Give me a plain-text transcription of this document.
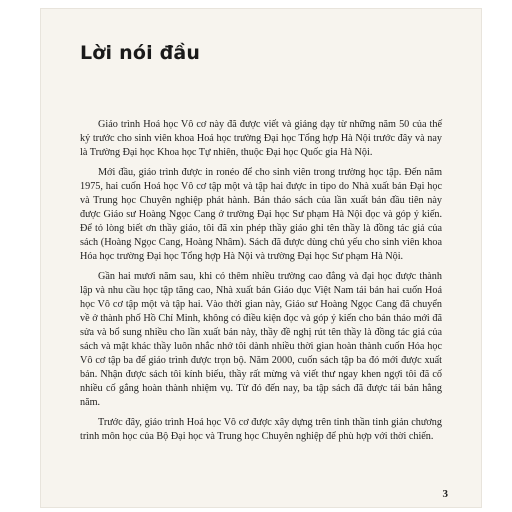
Lời nói đầu

Giáo trình Hoá học Vô cơ này đã được viết và giảng dạy từ những năm 50 của thế kỷ trước cho sinh viên khoa Hoá học trường Đại học Tổng hợp Hà Nội trước đây và nay là Trường Đại học Khoa học Tự nhiên, thuộc Đại học Quốc gia Hà Nội.

Mới đầu, giáo trình được in ronéo để cho sinh viên trong trường học tập. Đến năm 1975, hai cuốn Hoá học Vô cơ tập một và tập hai được in tipo do Nhà xuất bản Đại học và Trung học Chuyên nghiệp phát hành. Bản thảo sách của lần xuất bản đầu tiên này được Giáo sư Hoàng Ngọc Cang ở trường Đại học Sư phạm Hà Nội đọc và góp ý kiến. Để tỏ lòng biết ơn thầy giáo, tôi đã xin phép thầy giáo ghi tên thầy là đồng tác giả của sách (Hoàng Ngọc Cang, Hoàng Nhâm). Sách đã được dùng chủ yếu cho sinh viên khoa Hóa học trường Đại học Tổng hợp Hà Nội và trường Đại học Sư phạm Hà Nội.

Gần hai mươi năm sau, khi có thêm nhiều trường cao đẳng và đại học được thành lập và nhu cầu học tập tăng cao, Nhà xuất bản Giáo dục Việt Nam tái bản hai cuốn Hoá học Vô cơ tập một và tập hai. Vào thời gian này, Giáo sư Hoàng Ngọc Cang đã chuyển về ở thành phố Hồ Chí Minh, không có điều kiện đọc và góp ý kiến cho bản thảo mới đã sửa và bổ sung nhiều cho lần xuất bản này, thầy đề nghị rút tên thầy là đồng tác giả của sách và mặt khác thầy luôn nhắc nhở tôi dành nhiều thời gian hoàn thành cuốn Hóa học Vô cơ tập ba để giáo trình được trọn bộ. Năm 2000, cuốn sách tập ba đó mới được xuất bản. Nhận được sách tôi kính biếu, thầy rất mừng và viết thư ngay khen ngợi tôi đã cố nhiều cố gắng hoàn thành nhiệm vụ. Từ đó đến nay, ba tập sách đã được tái bản hằng năm.

Trước đây, giáo trình Hoá học Vô cơ được xây dựng trên tinh thần tinh giản chương trình môn học của Bộ Đại học và Trung học Chuyên nghiệp để phù hợp với thời chiến.

3
